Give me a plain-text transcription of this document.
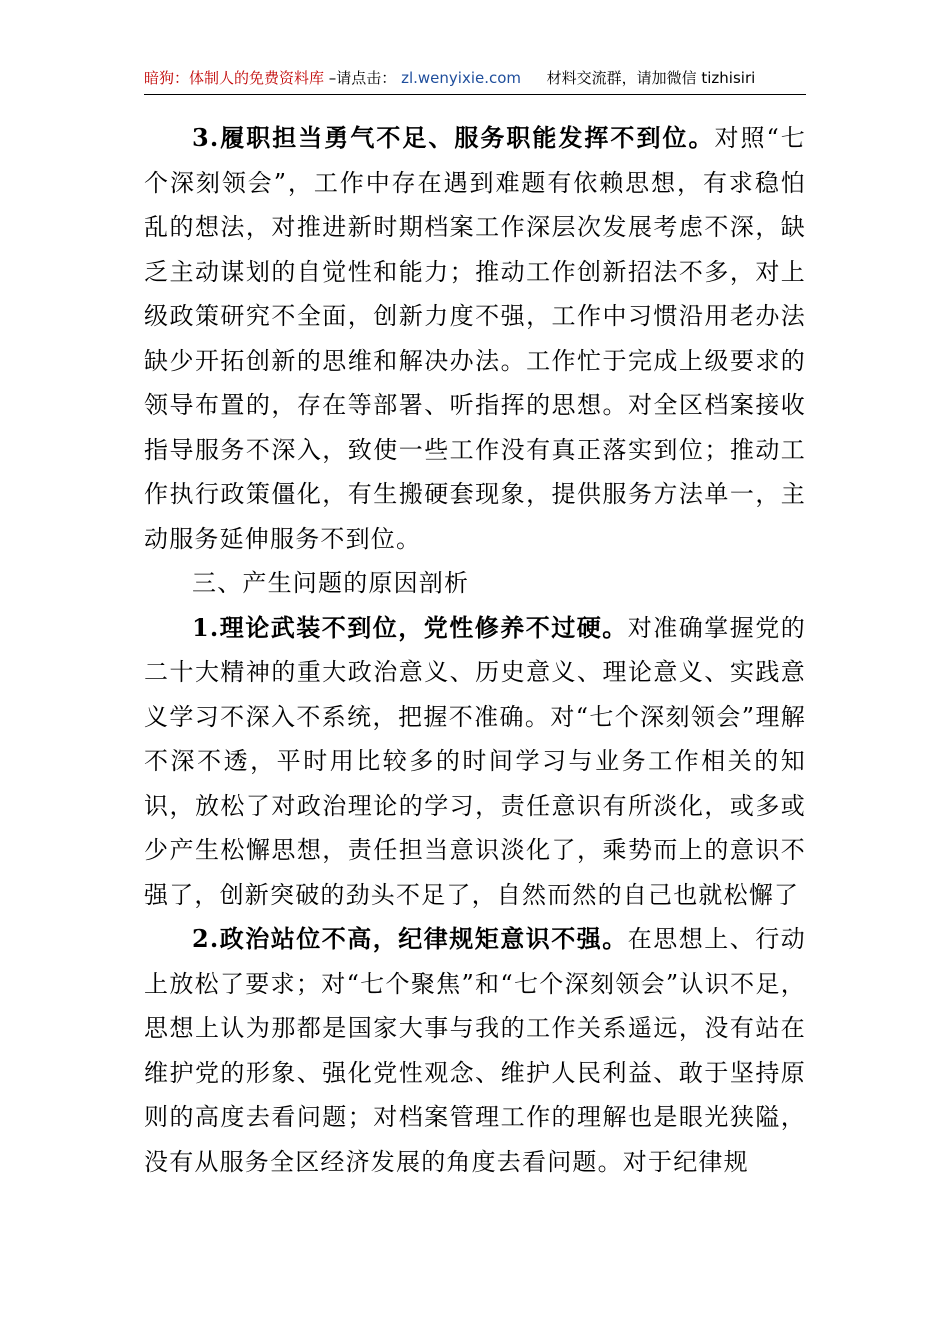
暗狗：体制人的免费资料库 –请点击： zl.wenyixie.com 材料交流群，请加微信 tizhisiri

3.履职担当勇气不足、服务职能发挥不到位。对照“七个深刻领会”，工作中存在遇到难题有依赖思想，有求稳怕乱的想法，对推进新时期档案工作深层次发展考虑不深，缺乏主动谋划的自觉性和能力；推动工作创新招法不多，对上级政策研究不全面，创新力度不强，工作中习惯沿用老办法缺少开拓创新的思维和解决办法。工作忙于完成上级要求的领导布置的，存在等部署、听指挥的思想。对全区档案接收指导服务不深入，致使一些工作没有真正落实到位；推动工作执行政策僵化，有生搬硬套现象，提供服务方法单一，主动服务延伸服务不到位。

三、产生问题的原因剖析

1.理论武装不到位，党性修养不过硬。对准确掌握党的二十大精神的重大政治意义、历史意义、理论意义、实践意义学习不深入不系统，把握不准确。对“七个深刻领会”理解不深不透，平时用比较多的时间学习与业务工作相关的知识，放松了对政治理论的学习，责任意识有所淡化，或多或少产生松懈思想，责任担当意识淡化了，乘势而上的意识不强了，创新突破的劲头不足了，自然而然的自己也就松懈了

2.政治站位不高，纪律规矩意识不强。在思想上、行动上放松了要求；对“七个聚焦”和“七个深刻领会”认识不足，思想上认为那都是国家大事与我的工作关系遥远，没有站在维护党的形象、强化党性观念、维护人民利益、敢于坚持原则的高度去看问题；对档案管理工作的理解也是眼光狭隘，没有从服务全区经济发展的角度去看问题。对于纪律规
